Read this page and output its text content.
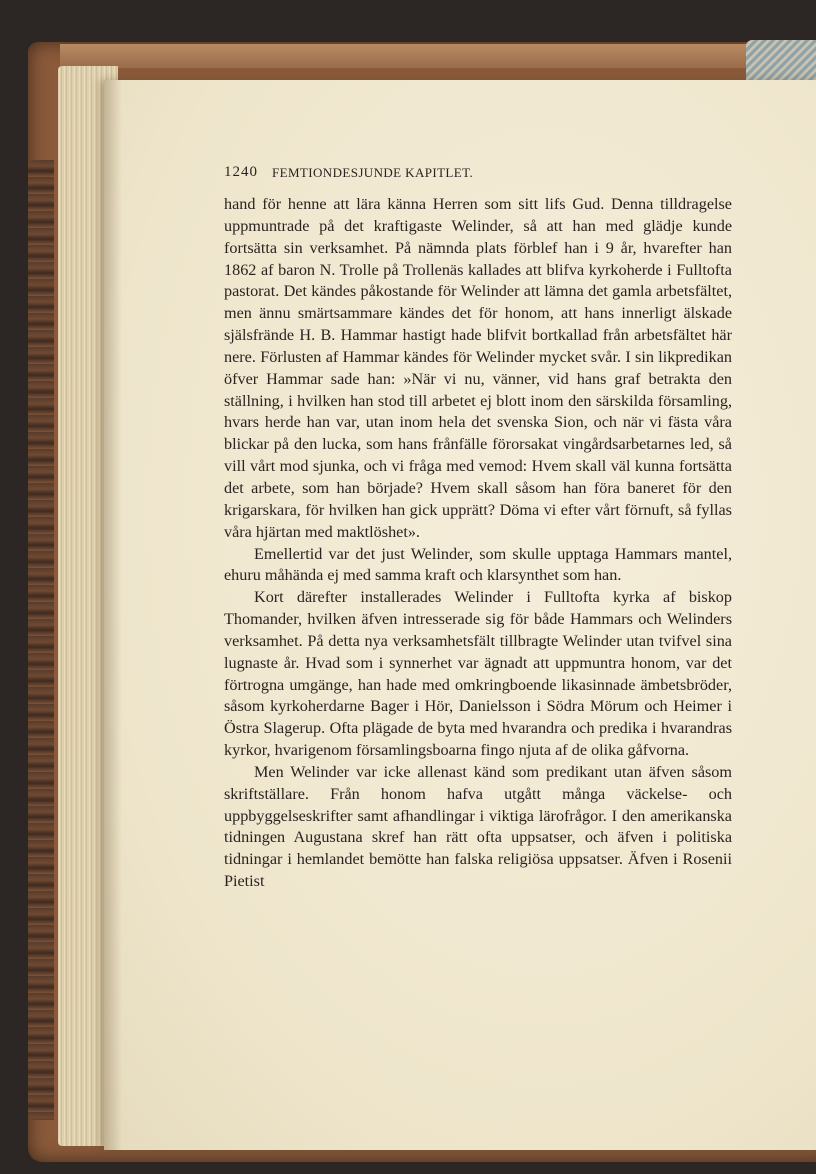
1240 FEMTIONDESJUNDE KAPITLET.

hand för henne att lära känna Herren som sitt lifs Gud. Denna tilldragelse uppmuntrade på det kraftigaste Welinder, så att han med glädje kunde fortsätta sin verksamhet. På nämnda plats förblef han i 9 år, hvarefter han 1862 af baron N. Trolle på Trollenäs kallades att blifva kyrkoherde i Fulltofta pastorat. Det kändes påkostande för Welinder att lämna det gamla arbetsfältet, men ännu smärtsammare kändes det för honom, att hans innerligt älskade själsfrände H. B. Hammar hastigt hade blifvit bortkallad från arbetsfältet här nere. Förlusten af Hammar kändes för Welinder mycket svår. I sin likpredikan öfver Hammar sade han: »När vi nu, vänner, vid hans graf betrakta den ställning, i hvilken han stod till arbetet ej blott inom den särskilda församling, hvars herde han var, utan inom hela det svenska Sion, och när vi fästa våra blickar på den lucka, som hans frånfälle förorsakat vingårdsarbetarnes led, så vill vårt mod sjunka, och vi fråga med vemod: Hvem skall väl kunna fortsätta det arbete, som han började? Hvem skall såsom han föra baneret för den krigarskara, för hvilken han gick upprätt? Döma vi efter vårt förnuft, så fyllas våra hjärtan med maktlöshet».

Emellertid var det just Welinder, som skulle upptaga Hammars mantel, ehuru måhända ej med samma kraft och klarsynthet som han.

Kort därefter installerades Welinder i Fulltofta kyrka af biskop Thomander, hvilken äfven intresserade sig för både Hammars och Welinders verksamhet. På detta nya verksamhetsfält tillbragte Welinder utan tvifvel sina lugnaste år. Hvad som i synnerhet var ägnadt att uppmuntra honom, var det förtrogna umgänge, han hade med omkringboende likasinnade ämbetsbröder, såsom kyrkoherdarne Bager i Hör, Danielsson i Södra Mörum och Heimer i Östra Slagerup. Ofta plägade de byta med hvarandra och predika i hvarandras kyrkor, hvarigenom församlingsboarna fingo njuta af de olika gåfvorna.

Men Welinder var icke allenast känd som predikant utan äfven såsom skriftställare. Från honom hafva utgått många väckelse- och uppbyggelseskrifter samt afhandlingar i viktiga lärofrågor. I den amerikanska tidningen Augustana skref han rätt ofta uppsatser, och äfven i politiska tidningar i hemlandet bemötte han falska religiösa uppsatser. Äfven i Rosenii Pietist
